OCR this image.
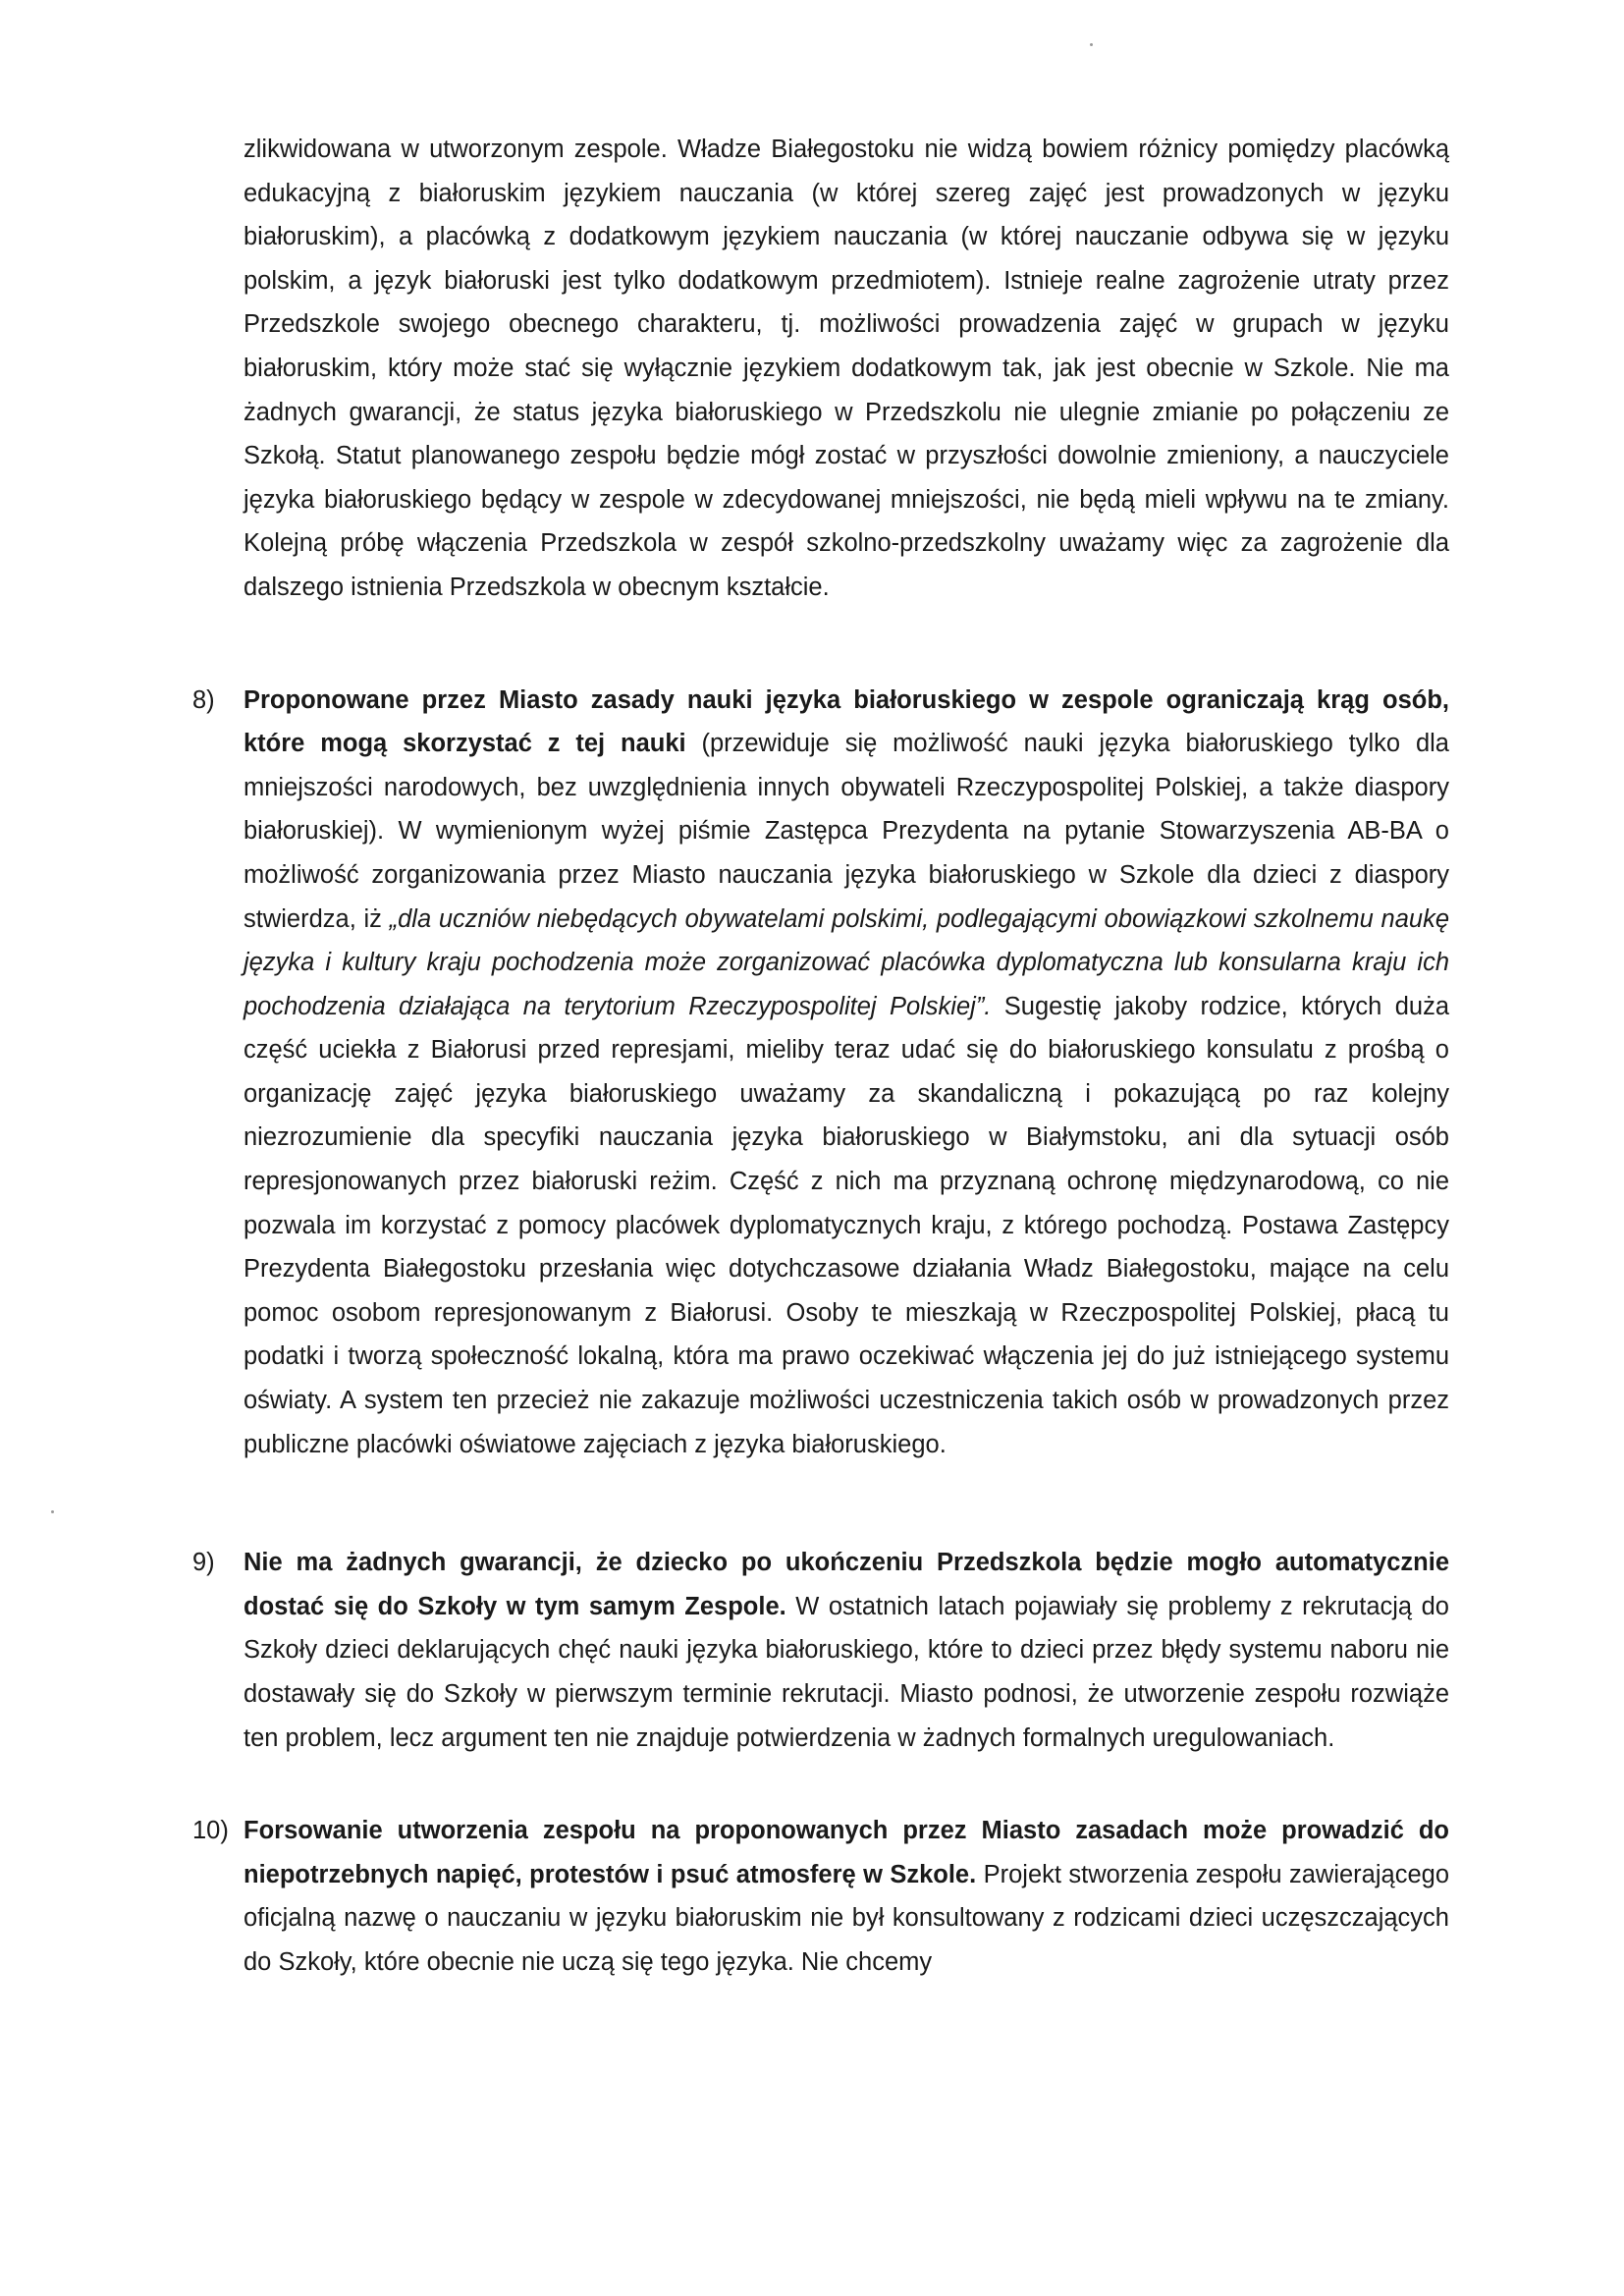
zlikwidowana w utworzonym zespole. Władze Białegostoku nie widzą bowiem różnicy pomiędzy placówką edukacyjną z białoruskim językiem nauczania (w której szereg zajęć jest prowadzonych w języku białoruskim), a placówką z dodatkowym językiem nauczania (w której nauczanie odbywa się w języku polskim, a język białoruski jest tylko dodatkowym przedmiotem). Istnieje realne zagrożenie utraty przez Przedszkole swojego obecnego charakteru, tj. możliwości prowadzenia zajęć w grupach w języku białoruskim, który może stać się wyłącznie językiem dodatkowym tak, jak jest obecnie w Szkole. Nie ma żadnych gwarancji, że status języka białoruskiego w Przedszkolu nie ulegnie zmianie po połączeniu ze Szkołą. Statut planowanego zespołu będzie mógł zostać w przyszłości dowolnie zmieniony, a nauczyciele języka białoruskiego będący w zespole w zdecydowanej mniejszości, nie będą mieli wpływu na te zmiany. Kolejną próbę włączenia Przedszkola w zespół szkolno-przedszkolny uważamy więc za zagrożenie dla dalszego istnienia Przedszkola w obecnym kształcie.

8) Proponowane przez Miasto zasady nauki języka białoruskiego w zespole ograniczają krąg osób, które mogą skorzystać z tej nauki (przewiduje się możliwość nauki języka białoruskiego tylko dla mniejszości narodowych, bez uwzględnienia innych obywateli Rzeczypospolitej Polskiej, a także diaspory białoruskiej). W wymienionym wyżej piśmie Zastępca Prezydenta na pytanie Stowarzyszenia AB-BA o możliwość zorganizowania przez Miasto nauczania języka białoruskiego w Szkole dla dzieci z diaspory stwierdza, iż „dla uczniów niebędących obywatelami polskimi, podlegającymi obowiązkowi szkolnemu naukę języka i kultury kraju pochodzenia może zorganizować placówka dyplomatyczna lub konsularna kraju ich pochodzenia działająca na terytorium Rzeczypospolitej Polskiej”. Sugestię jakoby rodzice, których duża część uciekła z Białorusi przed represjami, mieliby teraz udać się do białoruskiego konsulatu z prośbą o organizację zajęć języka białoruskiego uważamy za skandaliczną i pokazującą po raz kolejny niezrozumienie dla specyfiki nauczania języka białoruskiego w Białymstoku, ani dla sytuacji osób represjonowanych przez białoruski reżim. Część z nich ma przyznaną ochronę międzynarodową, co nie pozwala im korzystać z pomocy placówek dyplomatycznych kraju, z którego pochodzą. Postawa Zastępcy Prezydenta Białegostoku przesłania więc dotychczasowe działania Władz Białegostoku, mające na celu pomoc osobom represjonowanym z Białorusi. Osoby te mieszkają w Rzeczpospolitej Polskiej, płacą tu podatki i tworzą społeczność lokalną, która ma prawo oczekiwać włączenia jej do już istniejącego systemu oświaty. A system ten przecież nie zakazuje możliwości uczestniczenia takich osób w prowadzonych przez publiczne placówki oświatowe zajęciach z języka białoruskiego.

9) Nie ma żadnych gwarancji, że dziecko po ukończeniu Przedszkola będzie mogło automatycznie dostać się do Szkoły w tym samym Zespole. W ostatnich latach pojawiały się problemy z rekrutacją do Szkoły dzieci deklarujących chęć nauki języka białoruskiego, które to dzieci przez błędy systemu naboru nie dostawały się do Szkoły w pierwszym terminie rekrutacji. Miasto podnosi, że utworzenie zespołu rozwiąże ten problem, lecz argument ten nie znajduje potwierdzenia w żadnych formalnych uregulowaniach.

10) Forsowanie utworzenia zespołu na proponowanych przez Miasto zasadach może prowadzić do niepotrzebnych napięć, protestów i psuć atmosferę w Szkole. Projekt stworzenia zespołu zawierającego oficjalną nazwę o nauczaniu w języku białoruskim nie był konsultowany z rodzicami dzieci uczęszczających do Szkoły, które obecnie nie uczą się tego języka. Nie chcemy
